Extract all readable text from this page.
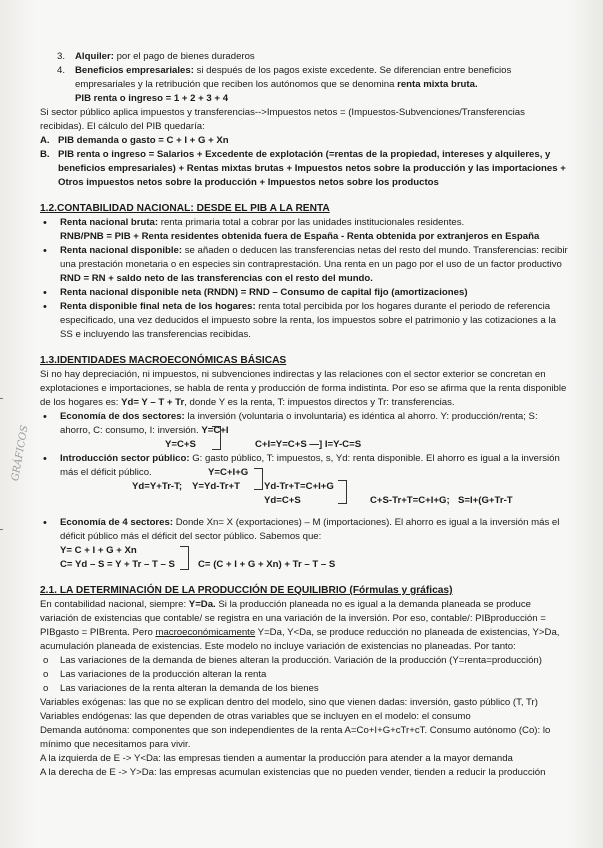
GRÁFICOS

3. Alquiler: por el pago de bienes duraderos

4. Beneficios empresariales: si después de los pagos existe excedente. Se diferencian entre beneficios empresariales y la retribución que reciben los autónomos que se denomina renta mixta bruta.

PIB renta o ingreso = 1 + 2 + 3 + 4

Si sector público aplica impuestos y transferencias-->Impuestos netos = (Impuestos-Subvenciones/Transferencias recibidas). El cálculo del PIB quedaría:

A. PIB demanda o gasto = C + I + G + Xn

B. PIB renta o ingreso = Salarios + Excedente de explotación (=rentas de la propiedad, intereses y alquileres, y beneficios empresariales) + Rentas mixtas brutas + Impuestos netos sobre la producción y las importaciones + Otros impuestos netos sobre la producción + Impuestos netos sobre los productos

1.2.CONTABILIDAD NACIONAL: DESDE EL PIB A LA RENTA

• Renta nacional bruta: renta primaria total a cobrar por las unidades institucionales residentes.

RNB/PNB = PIB + Renta residentes obtenida fuera de España - Renta obtenida por extranjeros en España

• Renta nacional disponible: se añaden o deducen las transferencias netas del resto del mundo. Transferencias: recibir una prestación monetaria o en especies sin contraprestación. Una renta en un pago por el uso de un factor productivo

RND = RN + saldo neto de las transferencias con el resto del mundo.

• Renta nacional disponible neta (RNDN) = RND – Consumo de capital fijo (amortizaciones)

• Renta disponible final neta de los hogares: renta total percibida por los hogares durante el periodo de referencia especificado, una vez deducidos el impuesto sobre la renta, los impuestos sobre el patrimonio y las cotizaciones a la SS e incluyendo las transferencias recibidas.

1.3.IDENTIDADES MACROECONÓMICAS BÁSICAS

Si no hay depreciación, ni impuestos, ni subvenciones indirectas y las relaciones con el sector exterior se concretan en explotaciones e importaciones, se habla de renta y producción de forma indistinta. Por eso se afirma que la renta disponible de los hogares es: Yd= Y – T + Tr, donde Y es la renta, T: impuestos directos y Tr: transferencias.

• Economía de dos sectores: la inversión (voluntaria o involuntaria) es idéntica al ahorro. Y: producción/renta; S: ahorro, C: consumo, I: inversión. Y=C+I

Y=C+S	C+I=Y=C+S —] I=Y-C=S

• Introducción sector público: G: gasto público, T: impuestos, s, Yd: renta disponible. El ahorro es igual a la inversión más el déficit público.	Y=C+I+G
Yd=Y+Tr-T; Y=Yd-Tr+T	Yd-Tr+T=C+I+G
Yd=C+S	C+S-Tr+T=C+I+G; S=I+(G+Tr-T

• Economía de 4 sectores: Donde Xn= X (exportaciones) – M (importaciones). El ahorro es igual a la inversión más el déficit público más el déficit del sector público. Sabemos que:

Y= C + I + G + Xn
C= Yd – S = Y + Tr – T – S C= (C + I + G + Xn) + Tr – T – S
2.1. LA DETERMINACIÓN DE LA PRODUCCIÓN DE EQUILIBRIO (Fórmulas y gráficas)

En contabilidad nacional, siempre: Y=Da. Si la producción planeada no es igual a la demanda planeada se produce variación de existencias que contable/ se registra en una variación de la inversión. Por eso, contable/: PIBproducción = PIBgasto = PIBrenta. Pero macroeconómicamente Y=Da, Y<Da, se produce reducción no planeada de existencias, Y>Da, acumulación planeada de existencias. Este modelo no incluye variación de existencias no planeadas. Por tanto:

o Las variaciones de la demanda de bienes alteran la producción. Variación de la producción (Y=renta=producción)

o Las variaciones de la producción alteran la renta

o Las variaciones de la renta alteran la demanda de los bienes

Variables exógenas: las que no se explican dentro del modelo, sino que vienen dadas: inversión, gasto público (T, Tr)

Variables endógenas: las que dependen de otras variables que se incluyen en el modelo: el consumo

Demanda autónoma: componentes que son independientes de la renta A=Co+I+G+cTr+cT. Consumo autónomo (Co): lo mínimo que necesitamos para vivir.

A la izquierda de E -> Y<Da: las empresas tienden a aumentar la producción para atender a la mayor demanda

A la derecha de E -> Y>Da: las empresas acumulan existencias que no pueden vender, tienden a reducir la producción
